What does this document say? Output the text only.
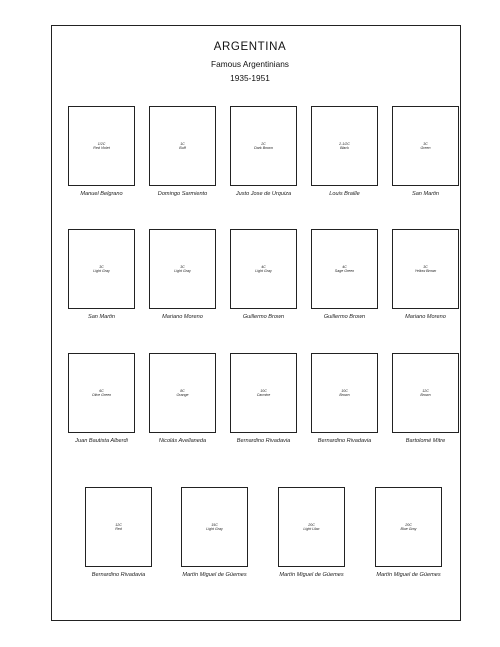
ARGENTINA
Famous Argentinians
1935-1951
1/2C
Red Violet
Manuel Belgrano
1C
Buff
Domingo Sarmiento
2C
Dark Brown
Justo Jose de Urquiza
2-1/2C
Black
Louis Braille
3C
Green
San Martin
3C
Light Gray
San Martin
3C
Light Gray
Mariano Moreno
4C
Light Gray
Guillermo Brown
4C
Sage Green
Guillermo Brown
3C
Yellow Brown
Mariano Moreno
6C
Olive Green
Juan Bautista Alberdi
8C
Orange
Nicolás Avellaneda
10C
Carmine
Bernardino Rivadavia
10C
Brown
Bernardino Rivadavia
12C
Brown
Bartolomé Mitre
12C
Red
Bernardino Rivadavia
15C
Light Gray
Martín Miguel de Güemes
20C
Light Lilac
Martín Miguel de Güemes
20C
Blue Gray
Martín Miguel de Güemes
